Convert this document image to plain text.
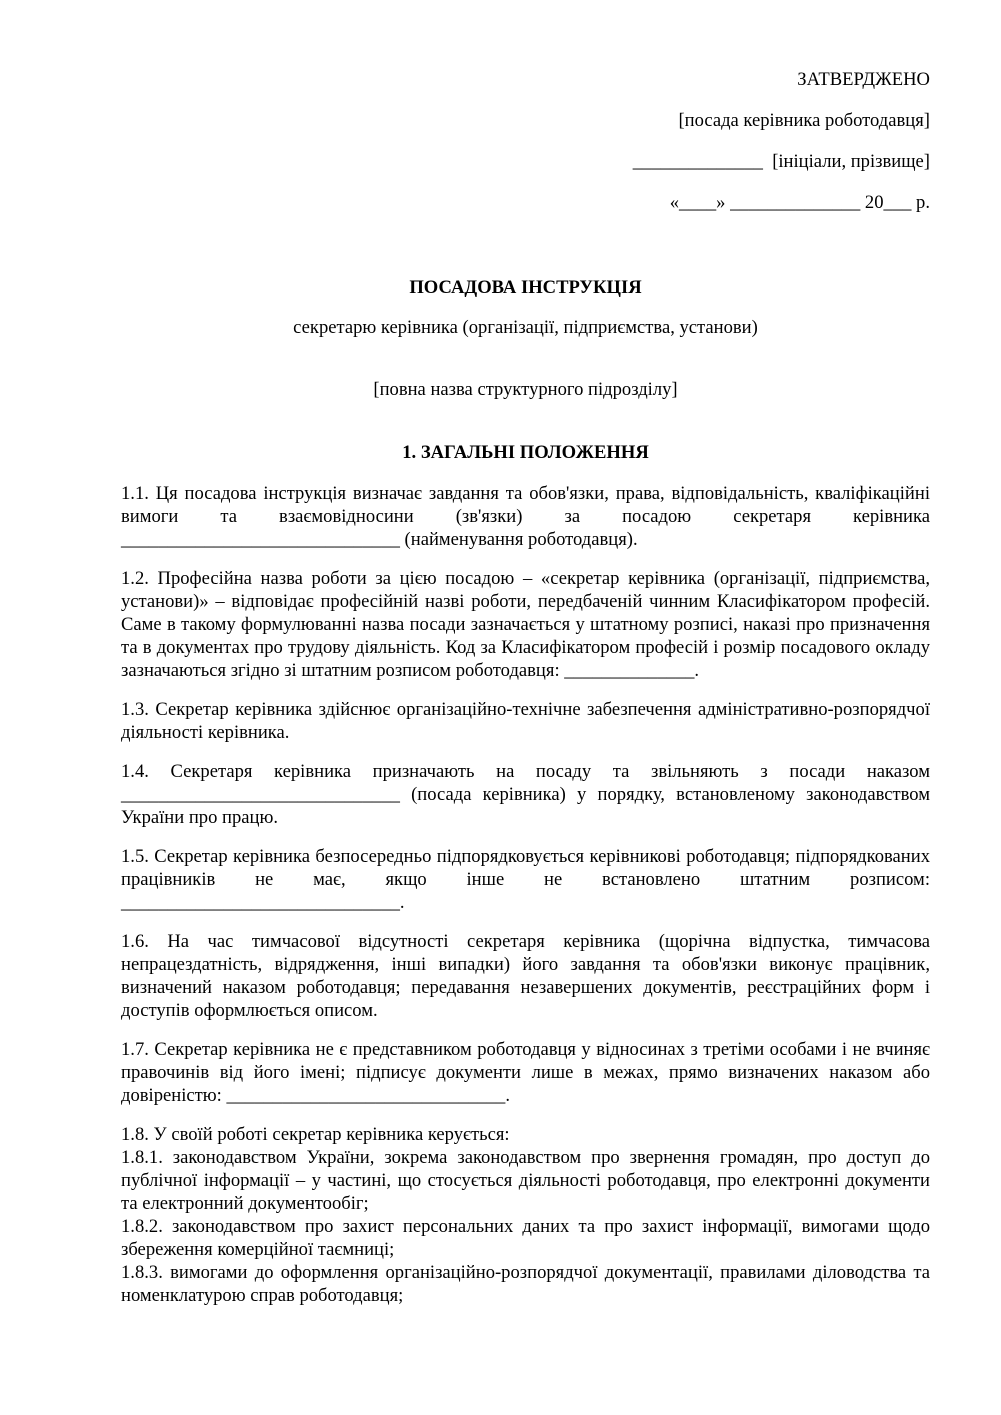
ЗАТВЕРДЖЕНО
[посада керівника роботодавця]
______________  [ініціали, прізвище]
«____» ______________ 20___ р.
ПОСАДОВА ІНСТРУКЦІЯ
секретарю керівника (організації, підприємства, установи)
[повна назва структурного підрозділу]
1. ЗАГАЛЬНІ ПОЛОЖЕННЯ

1.1. Ця посадова інструкція визначає завдання та обов'язки, права, відповідальність, кваліфікаційні вимоги та взаємовідносини (зв'язки) за посадою секретаря керівника ______________________________ (найменування роботодавця).

1.2. Професійна назва роботи за цією посадою – «секретар керівника (організації, підприємства, установи)» – відповідає професійній назві роботи, передбаченій чинним Класифікатором професій. Саме в такому формулюванні назва посади зазначається у штатному розписі, наказі про призначення та в документах про трудову діяльність. Код за Класифікатором професій і розмір посадового окладу зазначаються згідно зі штатним розписом роботодавця: ______________.

1.3. Секретар керівника здійснює організаційно-технічне забезпечення адміністративно-розпорядчої діяльності керівника.

1.4. Секретаря керівника призначають на посаду та звільняють з посади наказом ______________________________ (посада керівника) у порядку, встановленому законодавством України про працю.

1.5. Секретар керівника безпосередньо підпорядковується керівникові роботодавця; підпорядкованих працівників не має, якщо інше не встановлено штатним розписом: ______________________________.

1.6. На час тимчасової відсутності секретаря керівника (щорічна відпустка, тимчасова непрацездатність, відрядження, інші випадки) його завдання та обов'язки виконує працівник, визначений наказом роботодавця; передавання незавершених документів, реєстраційних форм і доступів оформлюється описом.

1.7. Секретар керівника не є представником роботодавця у відносинах з третіми особами і не вчиняє правочинів від його імені; підписує документи лише в межах, прямо визначених наказом або довіреністю: ______________________________.

1.8. У своїй роботі секретар керівника керується:

1.8.1. законодавством України, зокрема законодавством про звернення громадян, про доступ до публічної інформації – у частині, що стосується діяльності роботодавця, про електронні документи та електронний документообіг;

1.8.2. законодавством про захист персональних даних та про захист інформації, вимогами щодо збереження комерційної таємниці;

1.8.3. вимогами до оформлення організаційно-розпорядчої документації, правилами діловодства та номенклатурою справ роботодавця;
